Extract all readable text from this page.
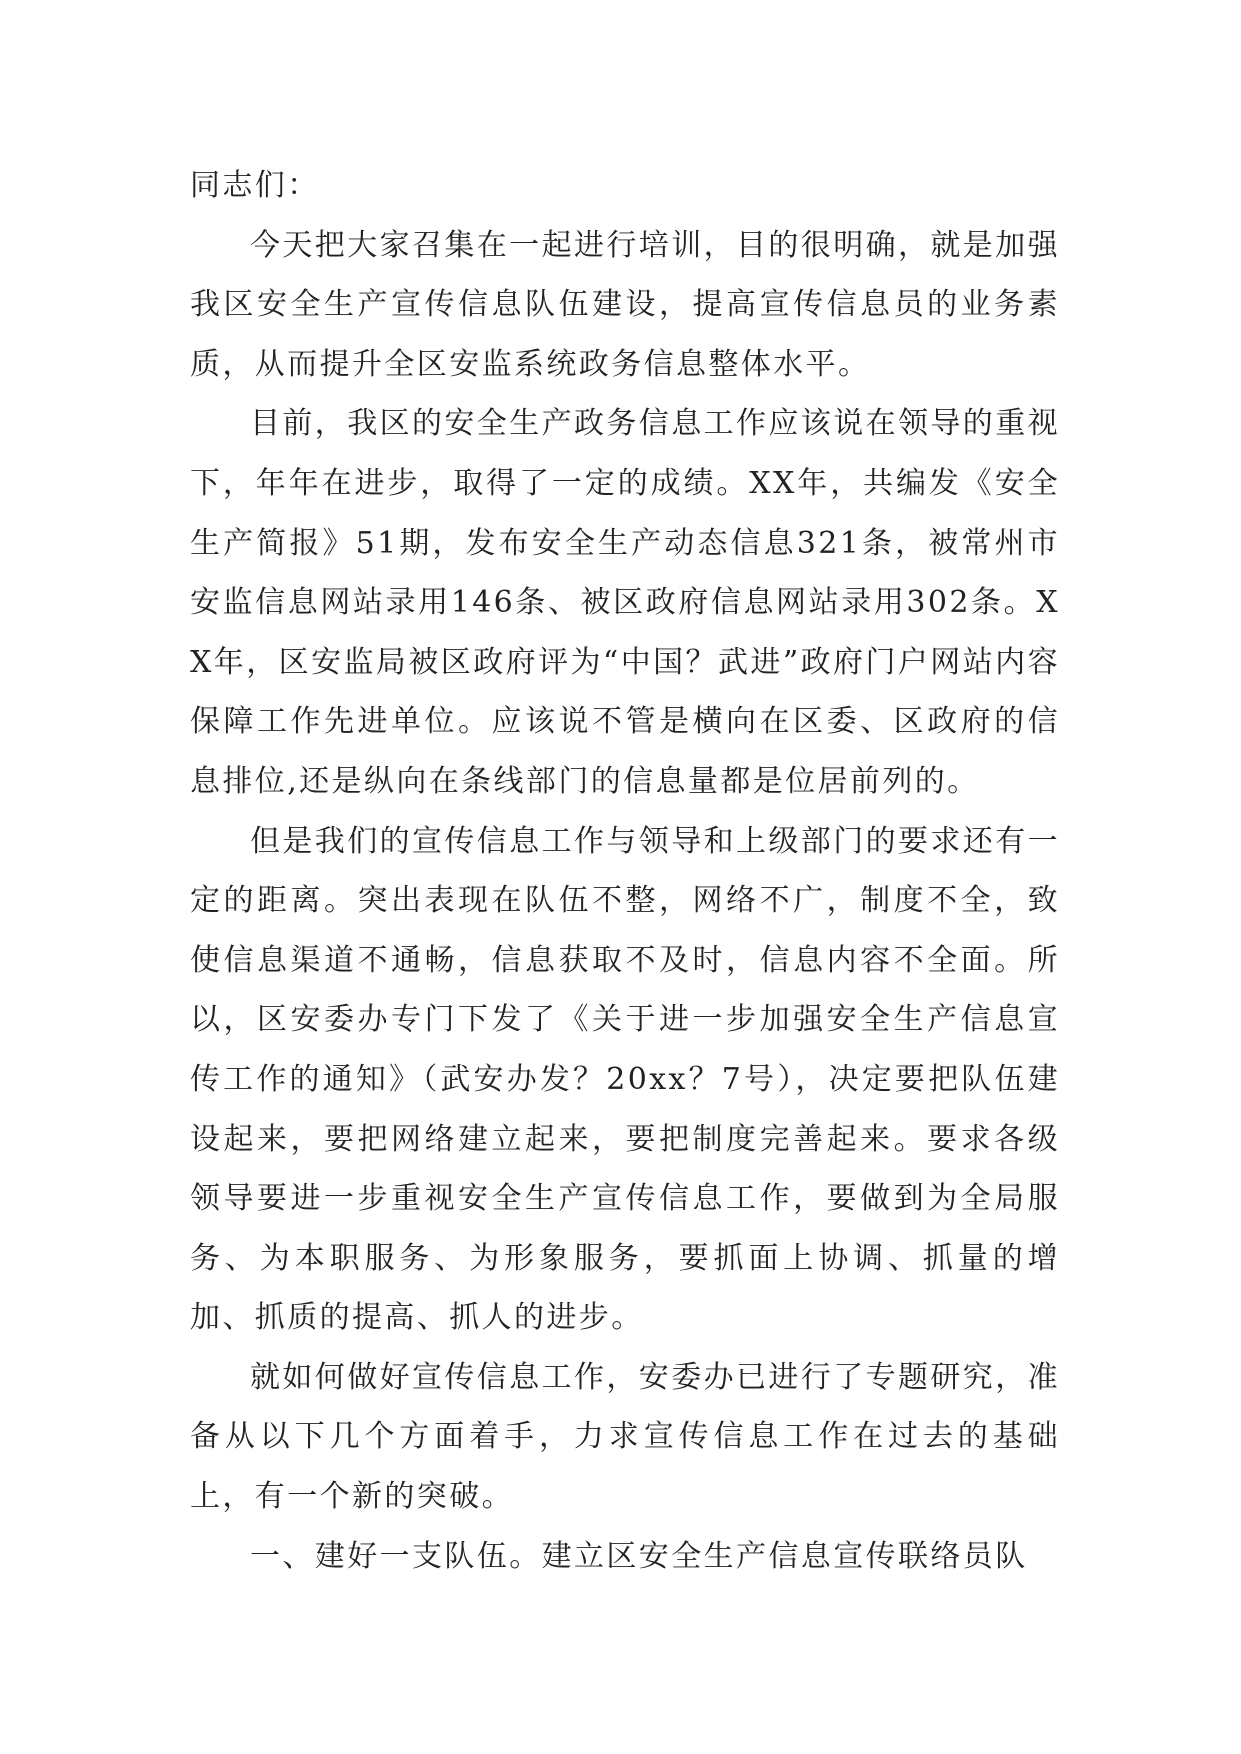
同志们：

今天把大家召集在一起进行培训，目的很明确，就是加强我区安全生产宣传信息队伍建设，提高宣传信息员的业务素质，从而提升全区安监系统政务信息整体水平。

目前，我区的安全生产政务信息工作应该说在领导的重视下，年年在进步，取得了一定的成绩。XX年，共编发《安全生产简报》51期，发布安全生产动态信息321条，被常州市安监信息网站录用146条、被区政府信息网站录用302条。XX年，区安监局被区政府评为“中国？武进”政府门户网站内容保障工作先进单位。应该说不管是横向在区委、区政府的信息排位,还是纵向在条线部门的信息量都是位居前列的。

但是我们的宣传信息工作与领导和上级部门的要求还有一定的距离。突出表现在队伍不整，网络不广，制度不全，致使信息渠道不通畅，信息获取不及时，信息内容不全面。所以，区安委办专门下发了《关于进一步加强安全生产信息宣传工作的通知》（武安办发？20xx？7号），决定要把队伍建设起来，要把网络建立起来，要把制度完善起来。要求各级领导要进一步重视安全生产宣传信息工作，要做到为全局服务、为本职服务、为形象服务，要抓面上协调、抓量的增加、抓质的提高、抓人的进步。

就如何做好宣传信息工作，安委办已进行了专题研究，准备从以下几个方面着手，力求宣传信息工作在过去的基础上，有一个新的突破。

一、建好一支队伍。建立区安全生产信息宣传联络员队
